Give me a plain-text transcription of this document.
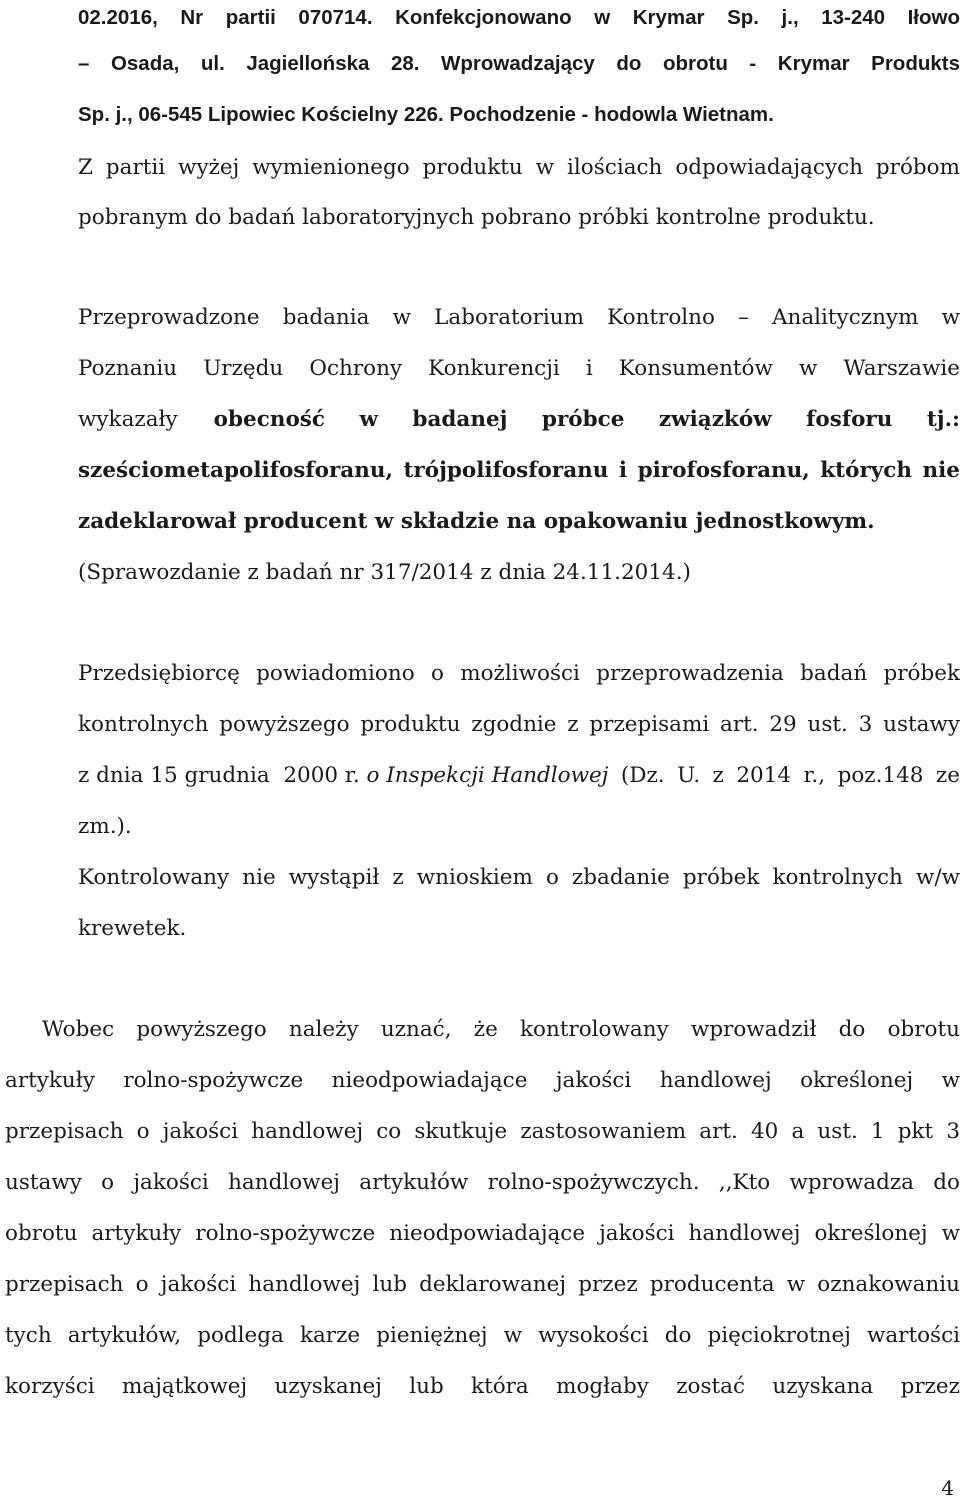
02.2016, Nr partii 070714. Konfekcjonowano w Krymar Sp. j., 13-240 Iłowo
– Osada, ul. Jagiellońska 28. Wprowadzający do obrotu - Krymar Produkts
Sp. j., 06-545 Lipowiec Kościelny 226. Pochodzenie - hodowla Wietnam.
Z partii wyżej wymienionego produktu w ilościach odpowiadających próbom
pobranym do badań laboratoryjnych pobrano próbki kontrolne produktu.
Przeprowadzone badania w Laboratorium Kontrolno – Analitycznym w
Poznaniu Urzędu Ochrony Konkurencji i Konsumentów w Warszawie
wykazały obecność w badanej próbce związków fosforu tj.:
sześciometapolifosforanu, trójpolifosforanu i pirofosforanu, których nie
zadeklarował producent w składzie na opakowaniu jednostkowym.
(Sprawozdanie z badań nr 317/2014 z dnia 24.11.2014.)
Przedsiębiorcę powiadomiono o możliwości przeprowadzenia badań próbek
kontrolnych powyższego produktu zgodnie z przepisami art. 29 ust. 3 ustawy
z dnia 15 grudnia  2000 r. o Inspekcji Handlowej (Dz. U. z 2014 r., poz.148 ze
zm.).
Kontrolowany nie wystąpił z wnioskiem o zbadanie próbek kontrolnych w/w
krewetek.
Wobec powyższego należy uznać, że kontrolowany wprowadził do obrotu
artykuły rolno-spożywcze nieodpowiadające jakości handlowej określonej w
przepisach o jakości handlowej co skutkuje zastosowaniem art. 40 a ust. 1 pkt 3
ustawy o jakości handlowej artykułów rolno-spożywczych. ,,Kto wprowadza do
obrotu artykuły rolno-spożywcze nieodpowiadające jakości handlowej określonej w
przepisach o jakości handlowej lub deklarowanej przez producenta w oznakowaniu
tych artykułów, podlega karze pieniężnej w wysokości do pięciokrotnej wartości
korzyści majątkowej uzyskanej lub która mogłaby zostać uzyskana przez
4
